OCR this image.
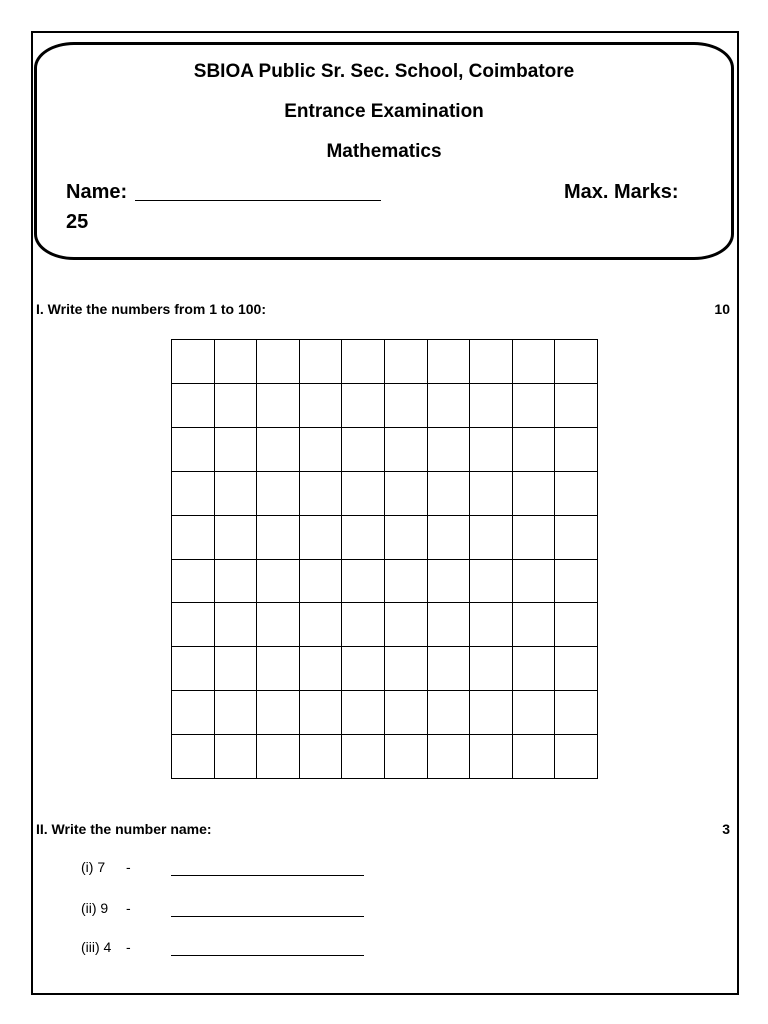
SBIOA Public Sr. Sec. School, Coimbatore
Entrance Examination
Mathematics
Name:	Max. Marks:
25
I. Write the numbers from 1 to 100:	10
II. Write the number name:	3
(i) 7 -
(ii) 9 -
(iii) 4 -
